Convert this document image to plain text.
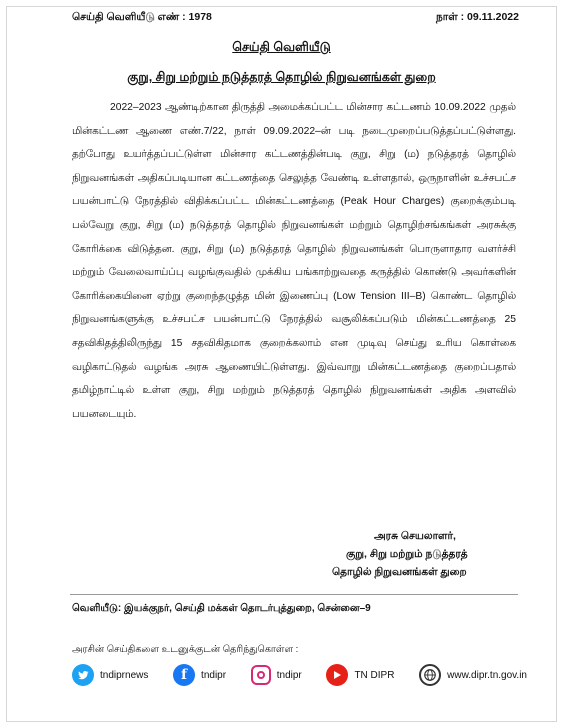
செய்தி வெளியீடு எண் : 1978	நாள் : 09.11.2022
செய்தி வெளியீடு
குறு, சிறு மற்றும் நடுத்தரத் தொழில் நிறுவனங்கள் துறை

2022–2023 ஆண்டிற்கான திருத்தி அமைக்கப்பட்ட மின்சார கட்டணம் 10.09.2022 முதல் மின்கட்டண ஆணை எண்.7/22, நாள் 09.09.2022–ன் படி நடைமுறைப்படுத்தப்பட்டுள்ளது. தற்போது உயர்த்தப்பட்டுள்ள மின்சார கட்டணத்தின்படி குறு, சிறு (ம) நடுத்தரத் தொழில் நிறுவனங்கள் அதிகப்படியான கட்டணத்தை செலுத்த வேண்டி உள்ளதால், ஒருநாளின் உச்சபட்ச பயன்பாட்டு நேரத்தில் விதிக்கப்பட்ட மின்கட்டணத்தை (Peak Hour Charges) குறைக்கும்படி பல்வேறு குறு, சிறு (ம) நடுத்தரத் தொழில் நிறுவனங்கள் மற்றும் தொழிற்சங்கங்கள் அரசுக்கு கோரிக்கை விடுத்தன. குறு, சிறு (ம) நடுத்தரத் தொழில் நிறுவனங்கள் பொருளாதார வளர்ச்சி மற்றும் வேலைவாய்ப்பு வழங்குவதில் முக்கிய பங்காற்றுவதை கருத்தில் கொண்டு அவர்களின் கோரிக்கையினை ஏற்று குறைந்தழுத்த மின் இணைப்பு (Low Tension III–B) கொண்ட தொழில் நிறுவனங்களுக்கு உச்சபட்ச பயன்பாட்டு நேரத்தில் வசூலிக்கப்படும் மின்கட்டணத்தை 25 சதவிகிதத்திலிருந்து 15 சதவிகிதமாக குறைக்கலாம் என முடிவு செய்து உரிய கொள்கை வழிகாட்டுதல் வழங்க அரசு ஆணையிட்டுள்ளது. இவ்வாறு மின்கட்டணத்தை குறைப்பதால் தமிழ்நாட்டில் உள்ள குறு, சிறு மற்றும் நடுத்தரத் தொழில் நிறுவனங்கள் அதிக அளவில் பயனடையும்.

அரசு செயலாளர்,
குறு, சிறு மற்றும் நடுத்தரத்
தொழில் நிறுவனங்கள் துறை
வெளியீடு: இயக்குநர், செய்தி மக்கள் தொடர்புத்துறை, சென்னை–9
அரசின் செய்திகளை உடனுக்குடன் தெரிந்துகொள்ள :
tndiprnews	f	tndipr	tndipr	TN DIPR	www.dipr.tn.gov.in
